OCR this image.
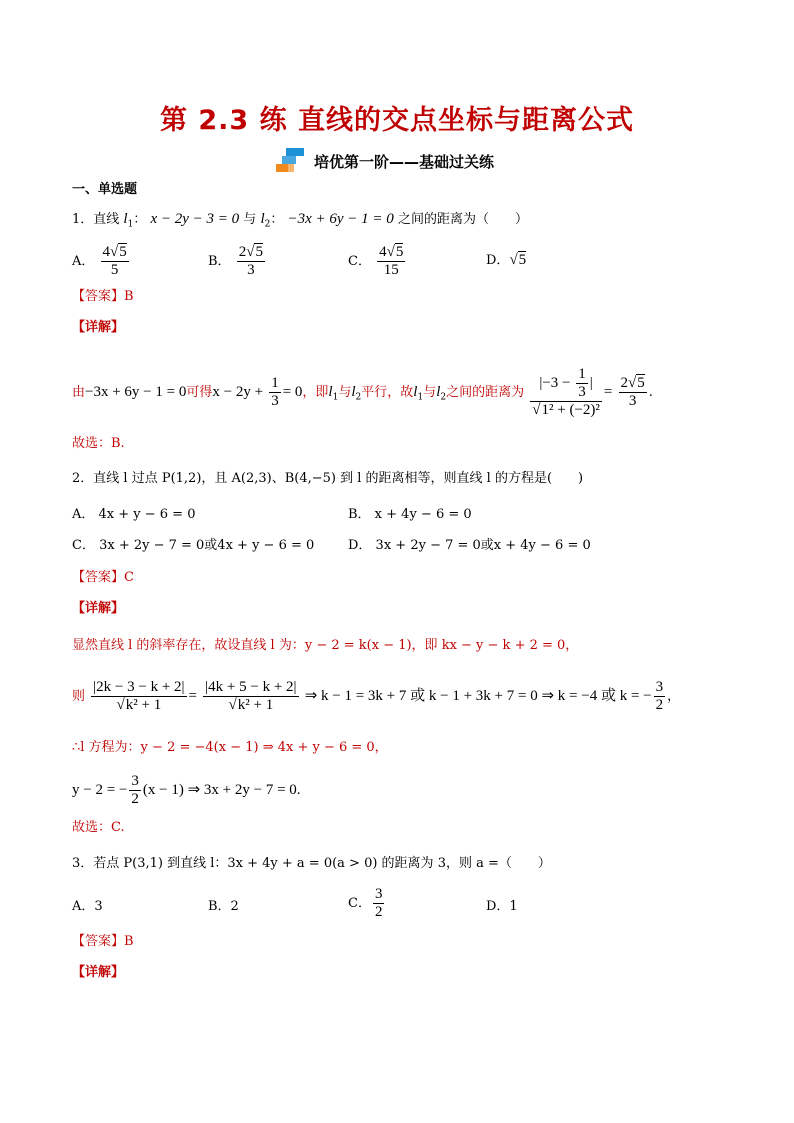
第 2.3 练 直线的交点坐标与距离公式
培优第一阶——基础过关练
一、单选题
1．直线 $l_1$： x − 2y − 3 = 0 与 $l_2$： −3x + 6y − 1 = 0 之间的距离为（　　）
A． $\frac{4√5}{5}$	B． $\frac{2√5}{3}$	C． $\frac{4√5}{15}$	D．√5
【答案】B
【详解】
由−3x + 6y − 1 = 0可得$x - 2y + \frac{1}{3} = 0$，即$l_1$与$l_2$平行，故$l_1$与$l_2$之间的距离为 $\frac{|-3 - \frac{1}{3} |}{\text{√1² + (−2)²}} = \frac{2√5}{3}$ .
故选：B.
2．直线 l 过点 P(1,2)，且 A(2,3)、B(4,−5) 到 l 的距离相等，则直线 l 的方程是(　　)
A． 4x + y − 6 = 0	B． x + 4y − 6 = 0
C． 3x + 2y − 7 = 0或4x + y − 6 = 0	D． 3x + 2y − 7 = 0或x + 4y − 6 = 0
【答案】C
【详解】
显然直线 l 的斜率存在，故设直线 l 为：y − 2 = k(x − 1)，即 kx − y − k + 2 = 0，
则 $\frac{|2k - 3 - k + 2|}{\text{√k² + 1}} = \frac{|4k + 5 - k + 2|}{\text{√k² + 1}}$ ⇒ k − 1 = 3k + 7 或 k − 1 + 3k + 7 = 0 ⇒ k = −4 或 k = − $\frac{3}{2}$ ，
∴l 方程为：y − 2 = −4(x − 1) ⇒ 4x + y − 6 = 0，
y − 2 = − $\frac{3}{2} (x - 1)$ ⇒ 3x + 2y − 7 = 0.
故选：C.
3．若点 P(3,1) 到直线 l：3x + 4y + a = 0(a > 0) 的距离为 3，则 a =（　　）
A．3	B．2	C． $\frac{3}{2}$	D．1
【答案】B
【详解】
